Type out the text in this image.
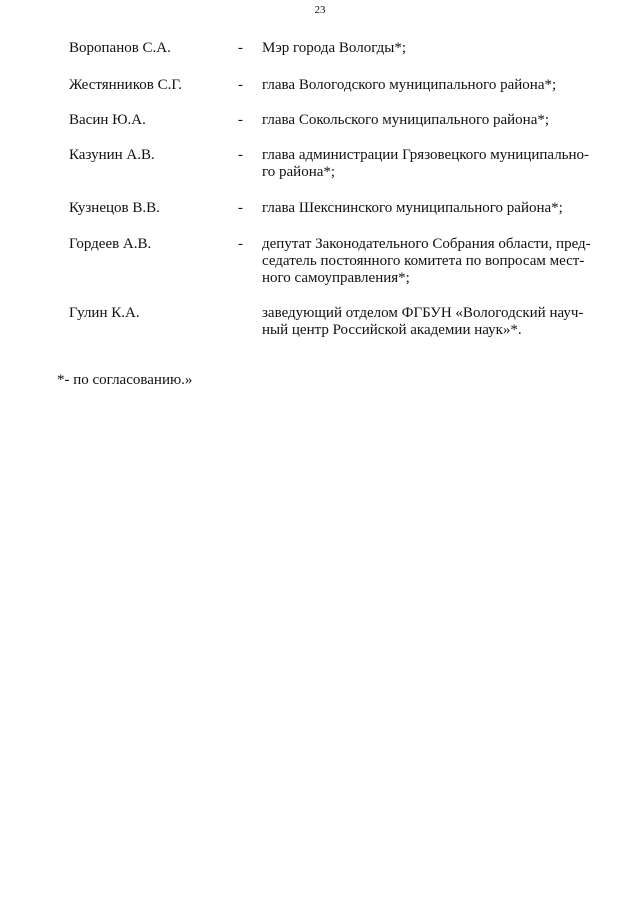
23
Воропанов С.А.	- Мэр города Вологды*;
Жестянников С.Г.	- глава Вологодского муниципального района*;
Васин Ю.А.	- глава Сокольского муниципального района*;
Казунин А.В.	- глава администрации Грязовецкого муниципально-
го района*;
Кузнецов В.В.	- глава Шекснинского муниципального района*;
Гордеев А.В.	- депутат Законодательного Собрания области, пред-
седатель постоянного комитета по вопросам мест-
ного самоуправления*;
Гулин К.А.	заведующий отделом ФГБУН «Вологодский науч-
ный центр Российской академии наук»*.
*- по согласованию.»
